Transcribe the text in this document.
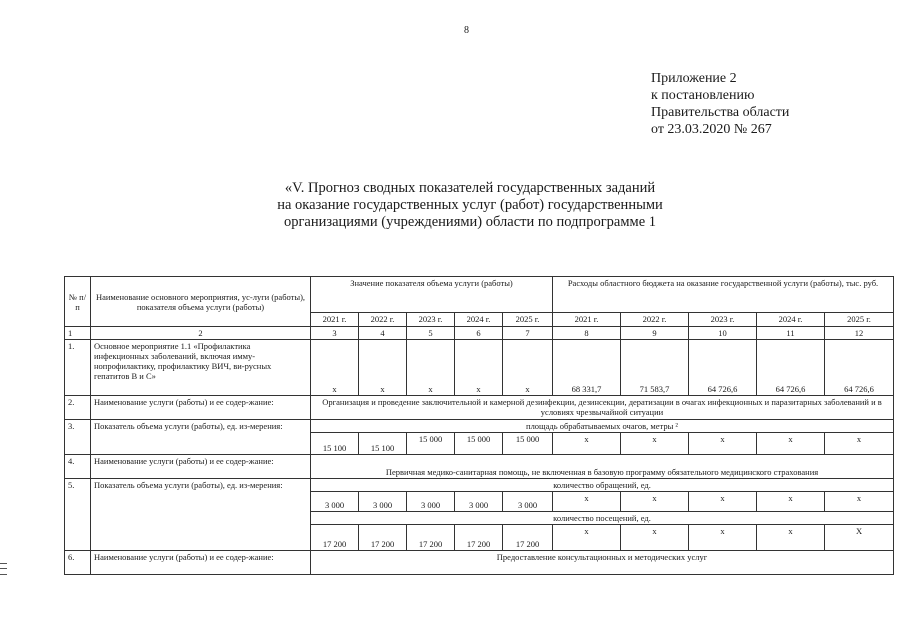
8
Приложение 2
к постановлению
Правительства области
от 23.03.2020 № 267
«V. Прогноз сводных показателей государственных заданий
на оказание государственных услуг (работ) государственными
организациями (учреждениями) области по подпрограмме 1
№ п/п	Наименование основного мероприятия, ус-луги (работы), показателя объема услуги (работы)	Значение показателя объема услуги (работы)					Расходы областного бюджета на оказание государственной услуги (работы), тыс. руб.				
		2021 г.	2022 г.	2023 г.	2024 г.	2025 г.	2021 г.	2022 г.	2023 г.	2024 г.	2025 г.
1	2	3	4	5	6	7	8	9	10	11	12
1.	Основное мероприятие 1.1 «Профилактика инфекционных заболеваний, включая имму-нопрофилактику, профилактику ВИЧ, ви-русных гепатитов В и С»	х	х	х	х	х	68 331,7	71 583,7	64 726,6	64 726,6	64 726,6
2.	Наименование услуги (работы) и ее содер-жание:	Организация и проведение заключительной и камерной дезинфекции, дезинсекции, дератизации в очагах инфекционных и паразитарных заболеваний и в условиях чрезвычайной ситуации									
3.	Показатель объема услуги (работы), ед. из-мерения:	площадь обрабатываемых очагов, метры ²									
		15 100	15 100	15 000	15 000	15 000	х	х	х	х	х
4.	Наименование услуги (работы) и ее содер-жание:	Первичная медико-санитарная помощь, не включенная в базовую программу обязательного медицинского страхования									
5.	Показатель объема услуги (работы), ед. из-мерения:	количество обращений, ед.									
		3 000	3 000	3 000	3 000	3 000	х	х	х	х	х
		количество посещений, ед.									
		17 200	17 200	17 200	17 200	17 200	х	х	х	х	Х
6.	Наименование услуги (работы) и ее содер-жание:	Предоставление консультационных и методических услуг									
